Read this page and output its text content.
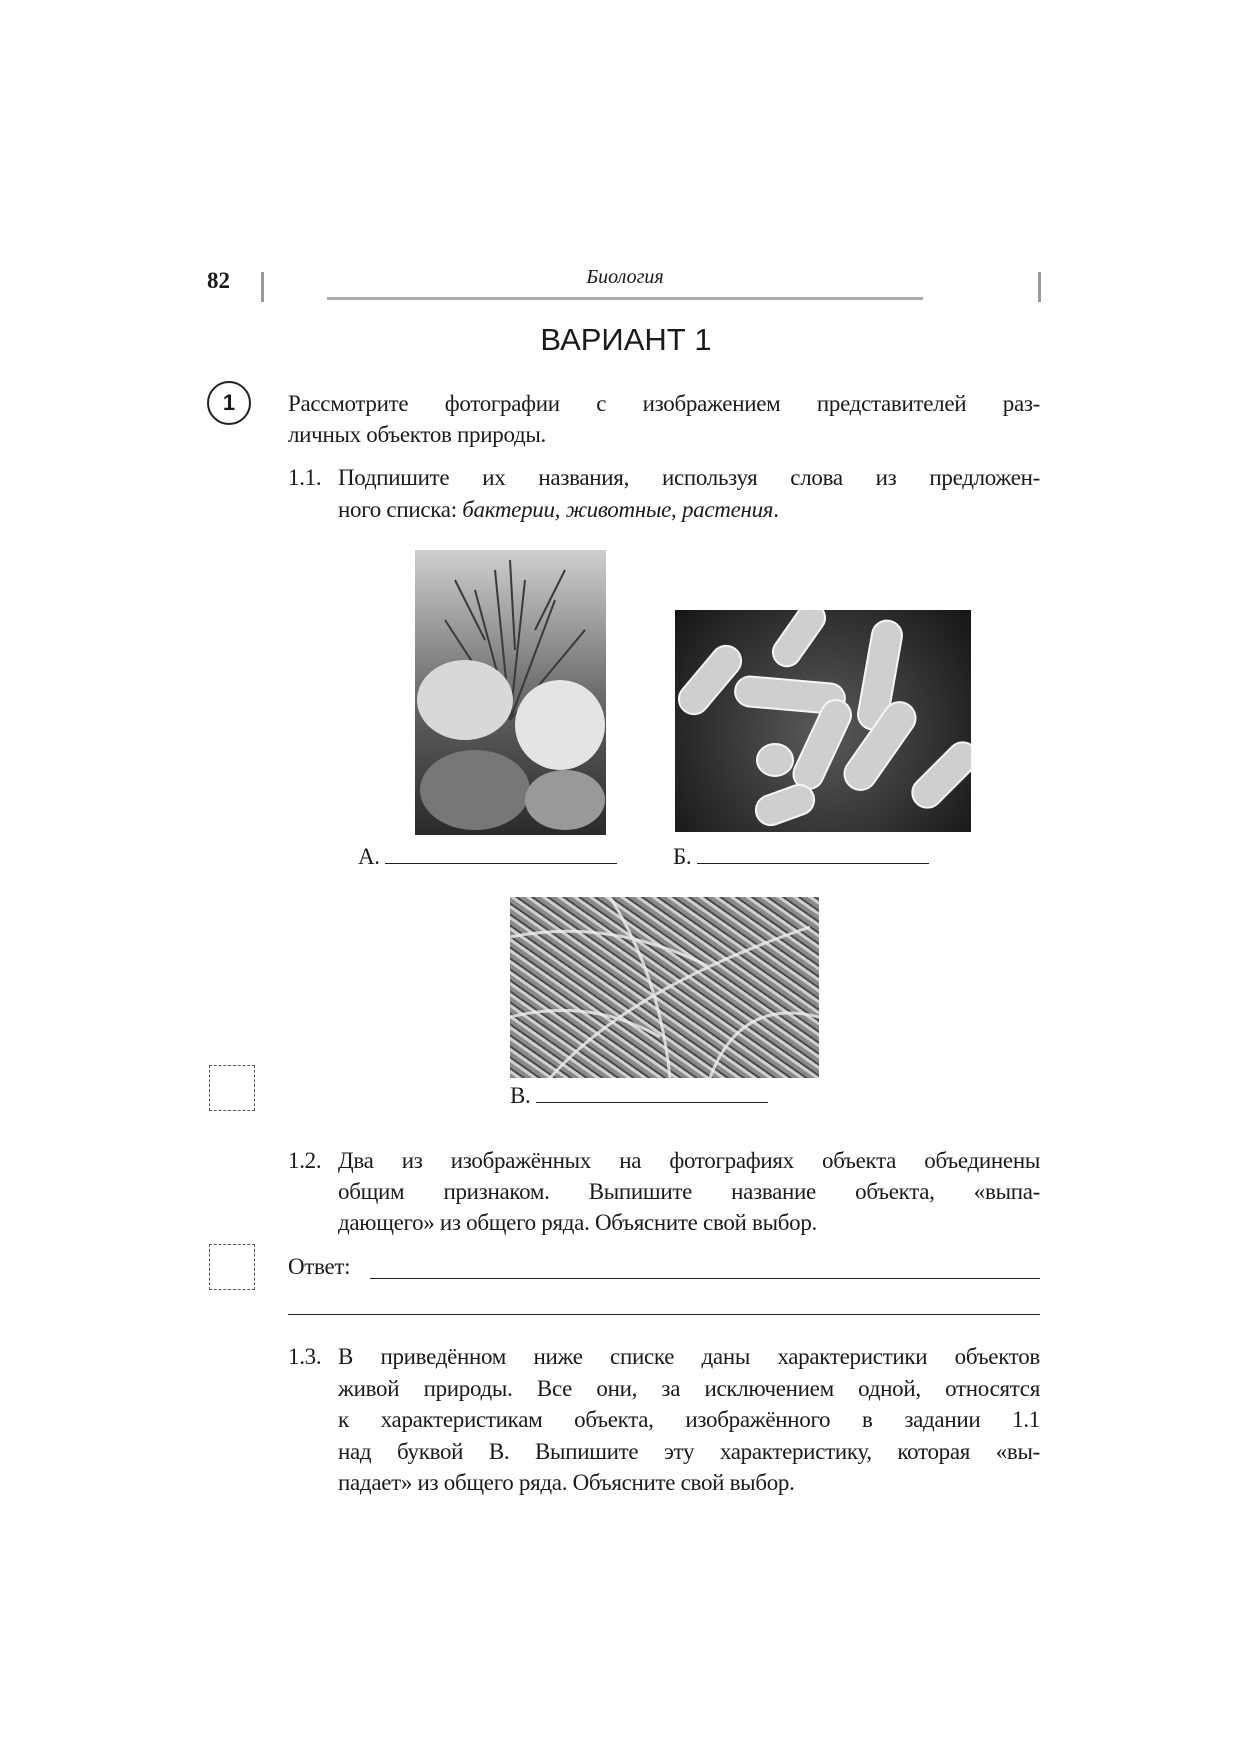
82	Биология
ВАРИАНТ 1
1	Рассмотрите фотографии с изображением представителей раз-
личных объектов природы.
1.1. Подпишите их названия, используя слова из предложен-
ного списка: бактерии, животные, растения.
А.	Б.
В.
1.2. Два из изображённых на фотографиях объекта объединены
общим признаком. Выпишите название объекта, «выпа-
дающего» из общего ряда. Объясните свой выбор.
Ответ:
1.3. В приведённом ниже списке даны характеристики объектов
живой природы. Все они, за исключением одной, относятся
к характеристикам объекта, изображённого в задании 1.1
над буквой В. Выпишите эту характеристику, которая «вы-
падает» из общего ряда. Объясните свой выбор.
